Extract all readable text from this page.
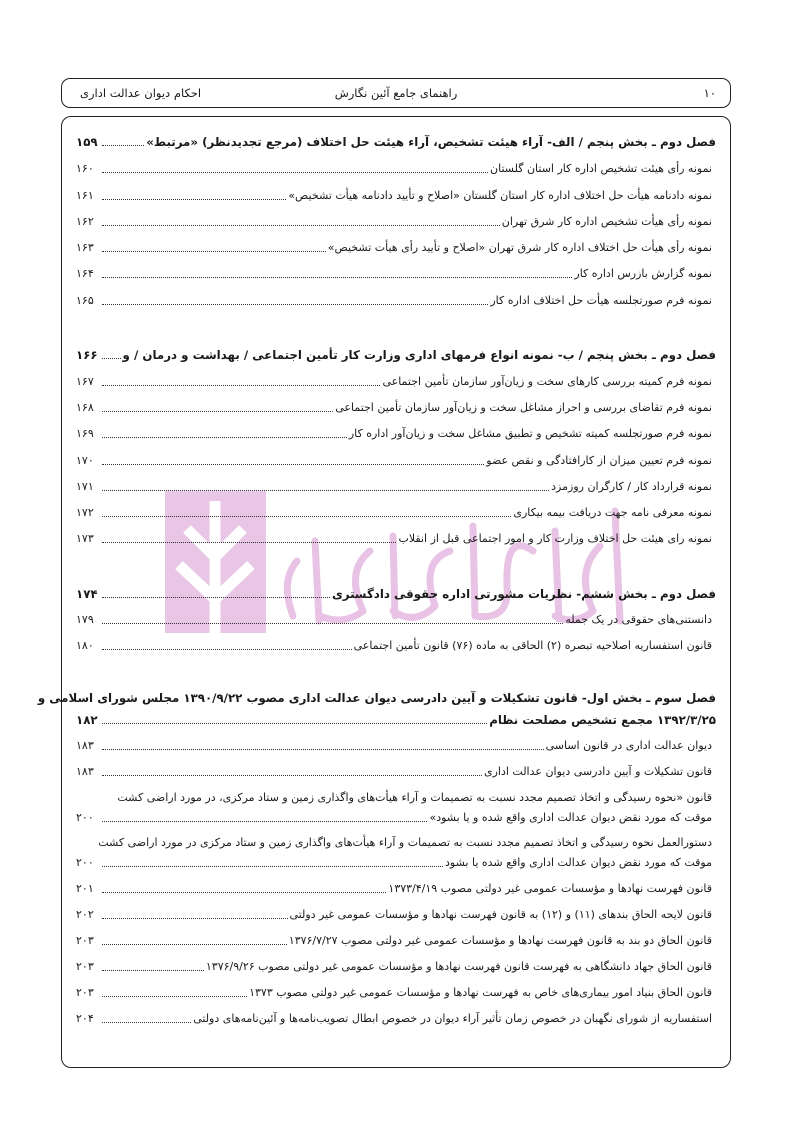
۱۰
راهنمای جامع آئین نگارش
احکام دیوان عدالت اداری
فصل دوم ـ بخش پنجم / الف- آراء هیئت تشخیص، آراء هیئت حل اختلاف (مرجع تجدیدنظر) «مرتبط»
۱۵۹
نمونه رأی هیئت تشخیص اداره کار استان گلستان
۱۶۰
نمونه دادنامه هیأت حل اختلاف اداره کار استان گلستان «اصلاح و تأیید دادنامه هیأت تشخیص»
۱۶۱
نمونه رأی هیأت تشخیص اداره کار شرق تهران
۱۶۲
نمونه رأی هیأت حل اختلاف اداره کار شرق تهران «اصلاح و تأیید رأی هیأت تشخیص»
۱۶۳
نمونه گزارش بازرس اداره کار
۱۶۴
نمونه فرم صورتجلسه هیأت حل اختلاف اداره کار
۱۶۵
فصل دوم ـ بخش پنجم / ب- نمونه انواع فرمهای اداری وزارت کار تأمین اجتماعی / بهداشت و درمان / و
۱۶۶
نمونه فرم کمیته بررسی کارهای سخت و زیان‌آور سازمان تأمین اجتماعی
۱۶۷
نمونه فرم تقاضای بررسی و احراز مشاغل سخت و زیان‌آور سازمان تأمین اجتماعی
۱۶۸
نمونه فرم صورتجلسه کمیته تشخیص و تطبیق مشاغل سخت و زیان‌آور اداره کار
۱۶۹
نمونه فرم تعیین میزان از کارافتادگی و نقص عضو
۱۷۰
نمونه قرارداد کار / کارگران روزمزد
۱۷۱
نمونه معرفی نامه جهت دریافت بیمه بیکاری
۱۷۲
نمونه رای هیئت حل اختلاف وزارت کار و امور اجتماعی قبل از انقلاب
۱۷۳
فصل دوم ـ بخش ششم- نظریات مشورتی اداره حقوقی دادگستری
۱۷۴
دانستنی‌های حقوقی در یک جمله
۱۷۹
قانون استفساریه اصلاحیه تبصره (۲) الحاقی به ماده (۷۶) قانون تأمین اجتماعی
۱۸۰
فصل سوم ـ بخش اول- قانون تشکیلات و آیین دادرسی دیوان عدالت اداری مصوب ۱۳۹۰/۹/۲۲ مجلس شورای اسلامی و
۱۳۹۲/۳/۲۵ مجمع تشخیص مصلحت نظام
۱۸۲
دیوان عدالت اداری در قانون اساسی
۱۸۳
قانون تشکیلات و آیین دادرسی دیوان عدالت اداری
۱۸۳
قانون «نحوه رسیدگی و اتخاذ تصمیم مجدد نسبت به تصمیمات و آراء هیأت‌های واگذاری زمین و ستاد مرکزی، در مورد اراضی کشت
موقت که مورد نقض دیوان عدالت اداری واقع شده و یا بشود»
۲۰۰
دستورالعمل نحوه رسیدگی و اتخاذ تصمیم مجدد نسبت به تصمیمات و آراء هیأت‌های واگذاری زمین و ستاد مرکزی در مورد اراضی کشت
موقت که مورد نقض دیوان عدالت اداری واقع شده یا بشود
۲۰۰
قانون فهرست نهادها و مؤسسات عمومی غیر دولتی مصوب ۱۳۷۳/۴/۱۹
۲۰۱
قانون لایحه الحاق بندهای (۱۱) و (۱۲) به قانون فهرست نهادها و مؤسسات عمومی غیر دولتی
۲۰۲
قانون الحاق دو بند به قانون فهرست نهادها و مؤسسات عمومی غیر دولتی مصوب ۱۳۷۶/۷/۲۷
۲۰۳
قانون الحاق جهاد دانشگاهی به فهرست قانون فهرست نهادها و مؤسسات عمومی غیر دولتی مصوب ۱۳۷۶/۹/۲۶
۲۰۳
قانون الحاق بنیاد امور بیماری‌های خاص به فهرست نهادها و مؤسسات عمومی غیر دولتی مصوب ۱۳۷۳
۲۰۳
استفساریه از شورای نگهبان در خصوص زمان تأثیر آراء دیوان در خصوص ابطال تصویب‌نامه‌ها و آئین‌نامه‌های دولتی
۲۰۴
